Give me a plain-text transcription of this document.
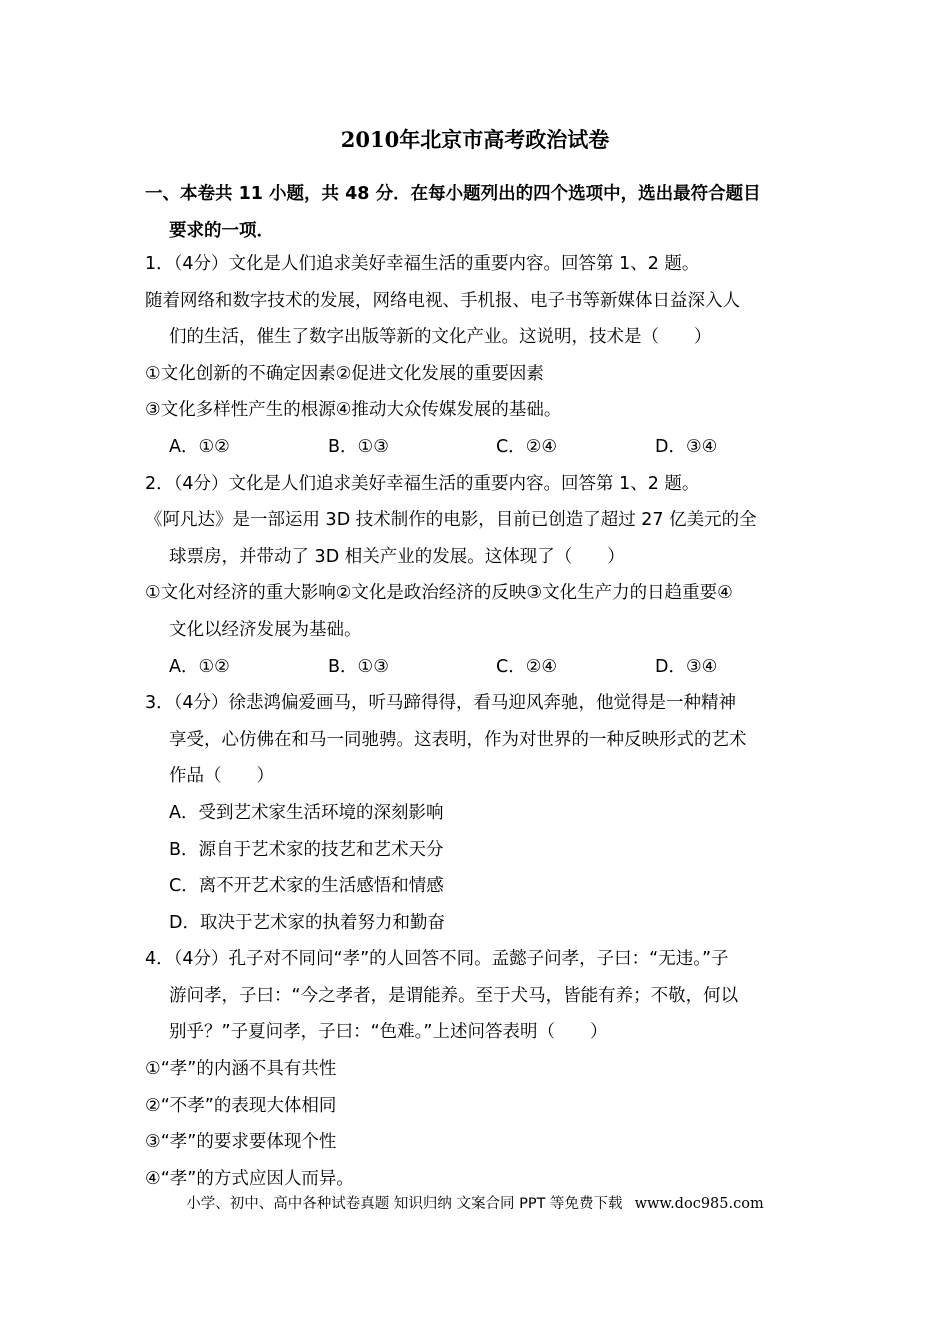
2010年北京市高考政治试卷
一、本卷共 11 小题，共 48 分．在每小题列出的四个选项中，选出最符合题目
要求的一项．
1．（4分）文化是人们追求美好幸福生活的重要内容。回答第 1、2 题。
随着网络和数字技术的发展，网络电视、手机报、电子书等新媒体日益深入人
们的生活，催生了数字出版等新的文化产业。这说明，技术是（　　）
①文化创新的不确定因素②促进文化发展的重要因素
③文化多样性产生的根源④推动大众传媒发展的基础。
A．①②	B．①③	C．②④	D．③④
2．（4分）文化是人们追求美好幸福生活的重要内容。回答第 1、2 题。
《阿凡达》是一部运用 3D 技术制作的电影，目前已创造了超过 27 亿美元的全
球票房，并带动了 3D 相关产业的发展。这体现了（　　）
①文化对经济的重大影响②文化是政治经济的反映③文化生产力的日趋重要④
文化以经济发展为基础。
A．①②	B．①③	C．②④	D．③④
3．（4分）徐悲鸿偏爱画马，听马蹄得得，看马迎风奔驰，他觉得是一种精神
享受，心仿佛在和马一同驰骋。这表明，作为对世界的一种反映形式的艺术
作品（　　）
A．受到艺术家生活环境的深刻影响
B．源自于艺术家的技艺和艺术天分
C．离不开艺术家的生活感悟和情感
D．取决于艺术家的执着努力和勤奋
4．（4分）孔子对不同问“孝”的人回答不同。孟懿子问孝，子曰：“无违。”子
游问孝，子曰：“今之孝者，是谓能养。至于犬马，皆能有养；不敬，何以
别乎？”子夏问孝，子曰：“色难。”上述问答表明（　　）
①“孝”的内涵不具有共性
②“不孝”的表现大体相同
③“孝”的要求要体现个性
④“孝”的方式应因人而异。
小学、初中、高中各种试卷真题 知识归纳 文案合同 PPT 等免费下载 www.doc985.com
